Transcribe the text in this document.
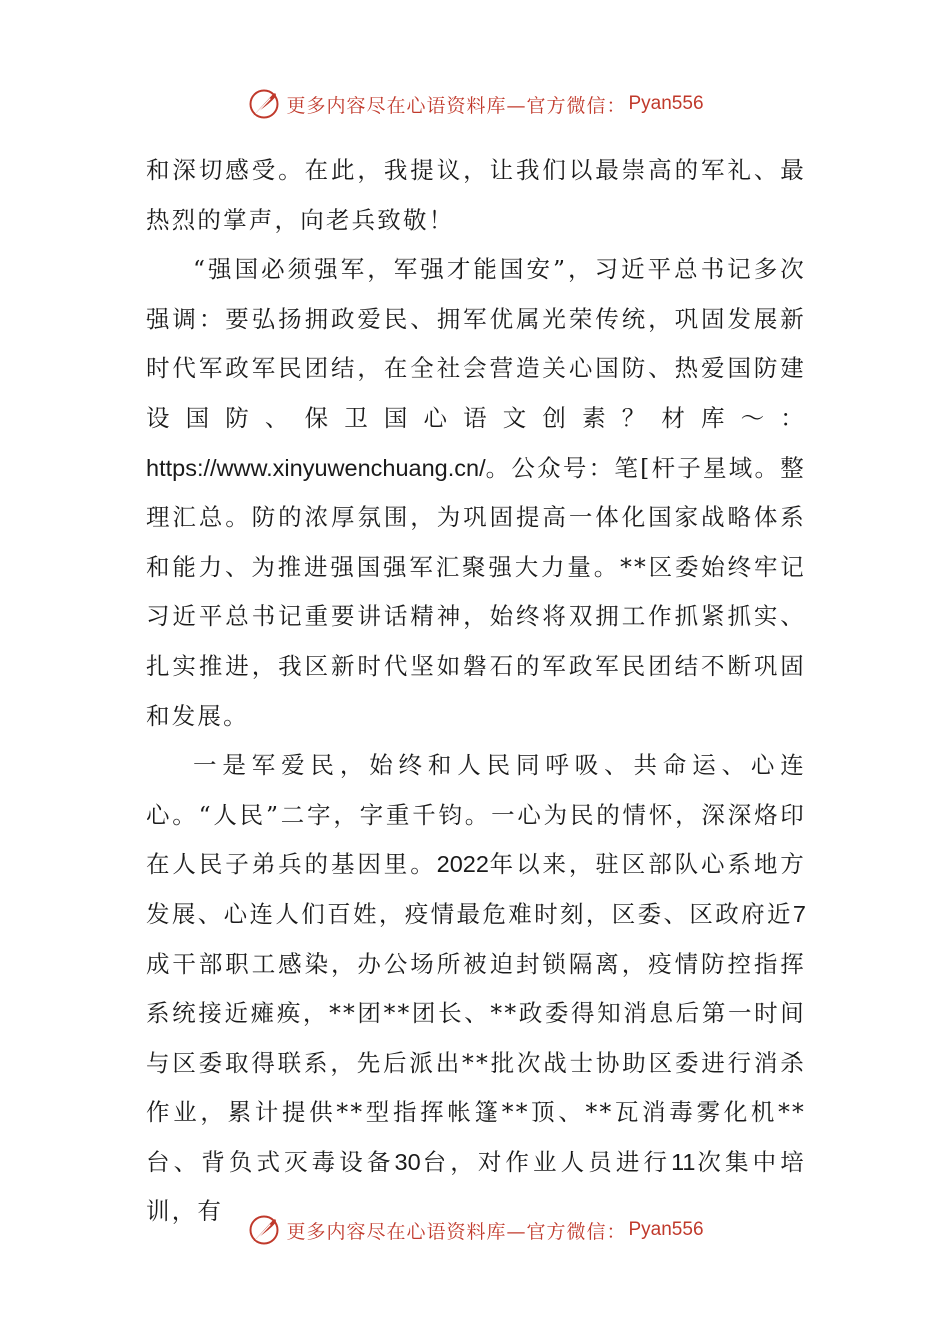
更多内容尽在心语资料库—官方微信： Pyan556

和深切感受。在此，我提议，让我们以最崇高的军礼、最热烈的掌声，向老兵致敬！

“强国必须强军，军强才能国安”，习近平总书记多次强调：要弘扬拥政爱民、拥军优属光荣传统，巩固发展新时代军政军民团结，在全社会营造关心国防、热爱国防建设国防、保卫国心语文创素？材库～：https://www.xinyuwenchuang.cn/。公众号：笔[杆子星域。整理汇总。防的浓厚氛围，为巩固提高一体化国家战略体系和能力、为推进强国强军汇聚强大力量。**区委始终牢记习近平总书记重要讲话精神，始终将双拥工作抓紧抓实、扎实推进，我区新时代坚如磐石的军政军民团结不断巩固和发展。

一是军爱民，始终和人民同呼吸、共命运、心连心。“人民”二字，字重千钧。一心为民的情怀，深深烙印在人民子弟兵的基因里。2022年以来，驻区部队心系地方发展、心连人们百姓，疫情最危难时刻，区委、区政府近7成干部职工感染，办公场所被迫封锁隔离，疫情防控指挥系统接近瘫痪，**团**团长、**政委得知消息后第一时间与区委取得联系，先后派出**批次战士协助区委进行消杀作业，累计提供**型指挥帐篷**顶、**瓦消毒雾化机**台、背负式灭毒设备30台，对作业人员进行11次集中培训，有

更多内容尽在心语资料库—官方微信： Pyan556
